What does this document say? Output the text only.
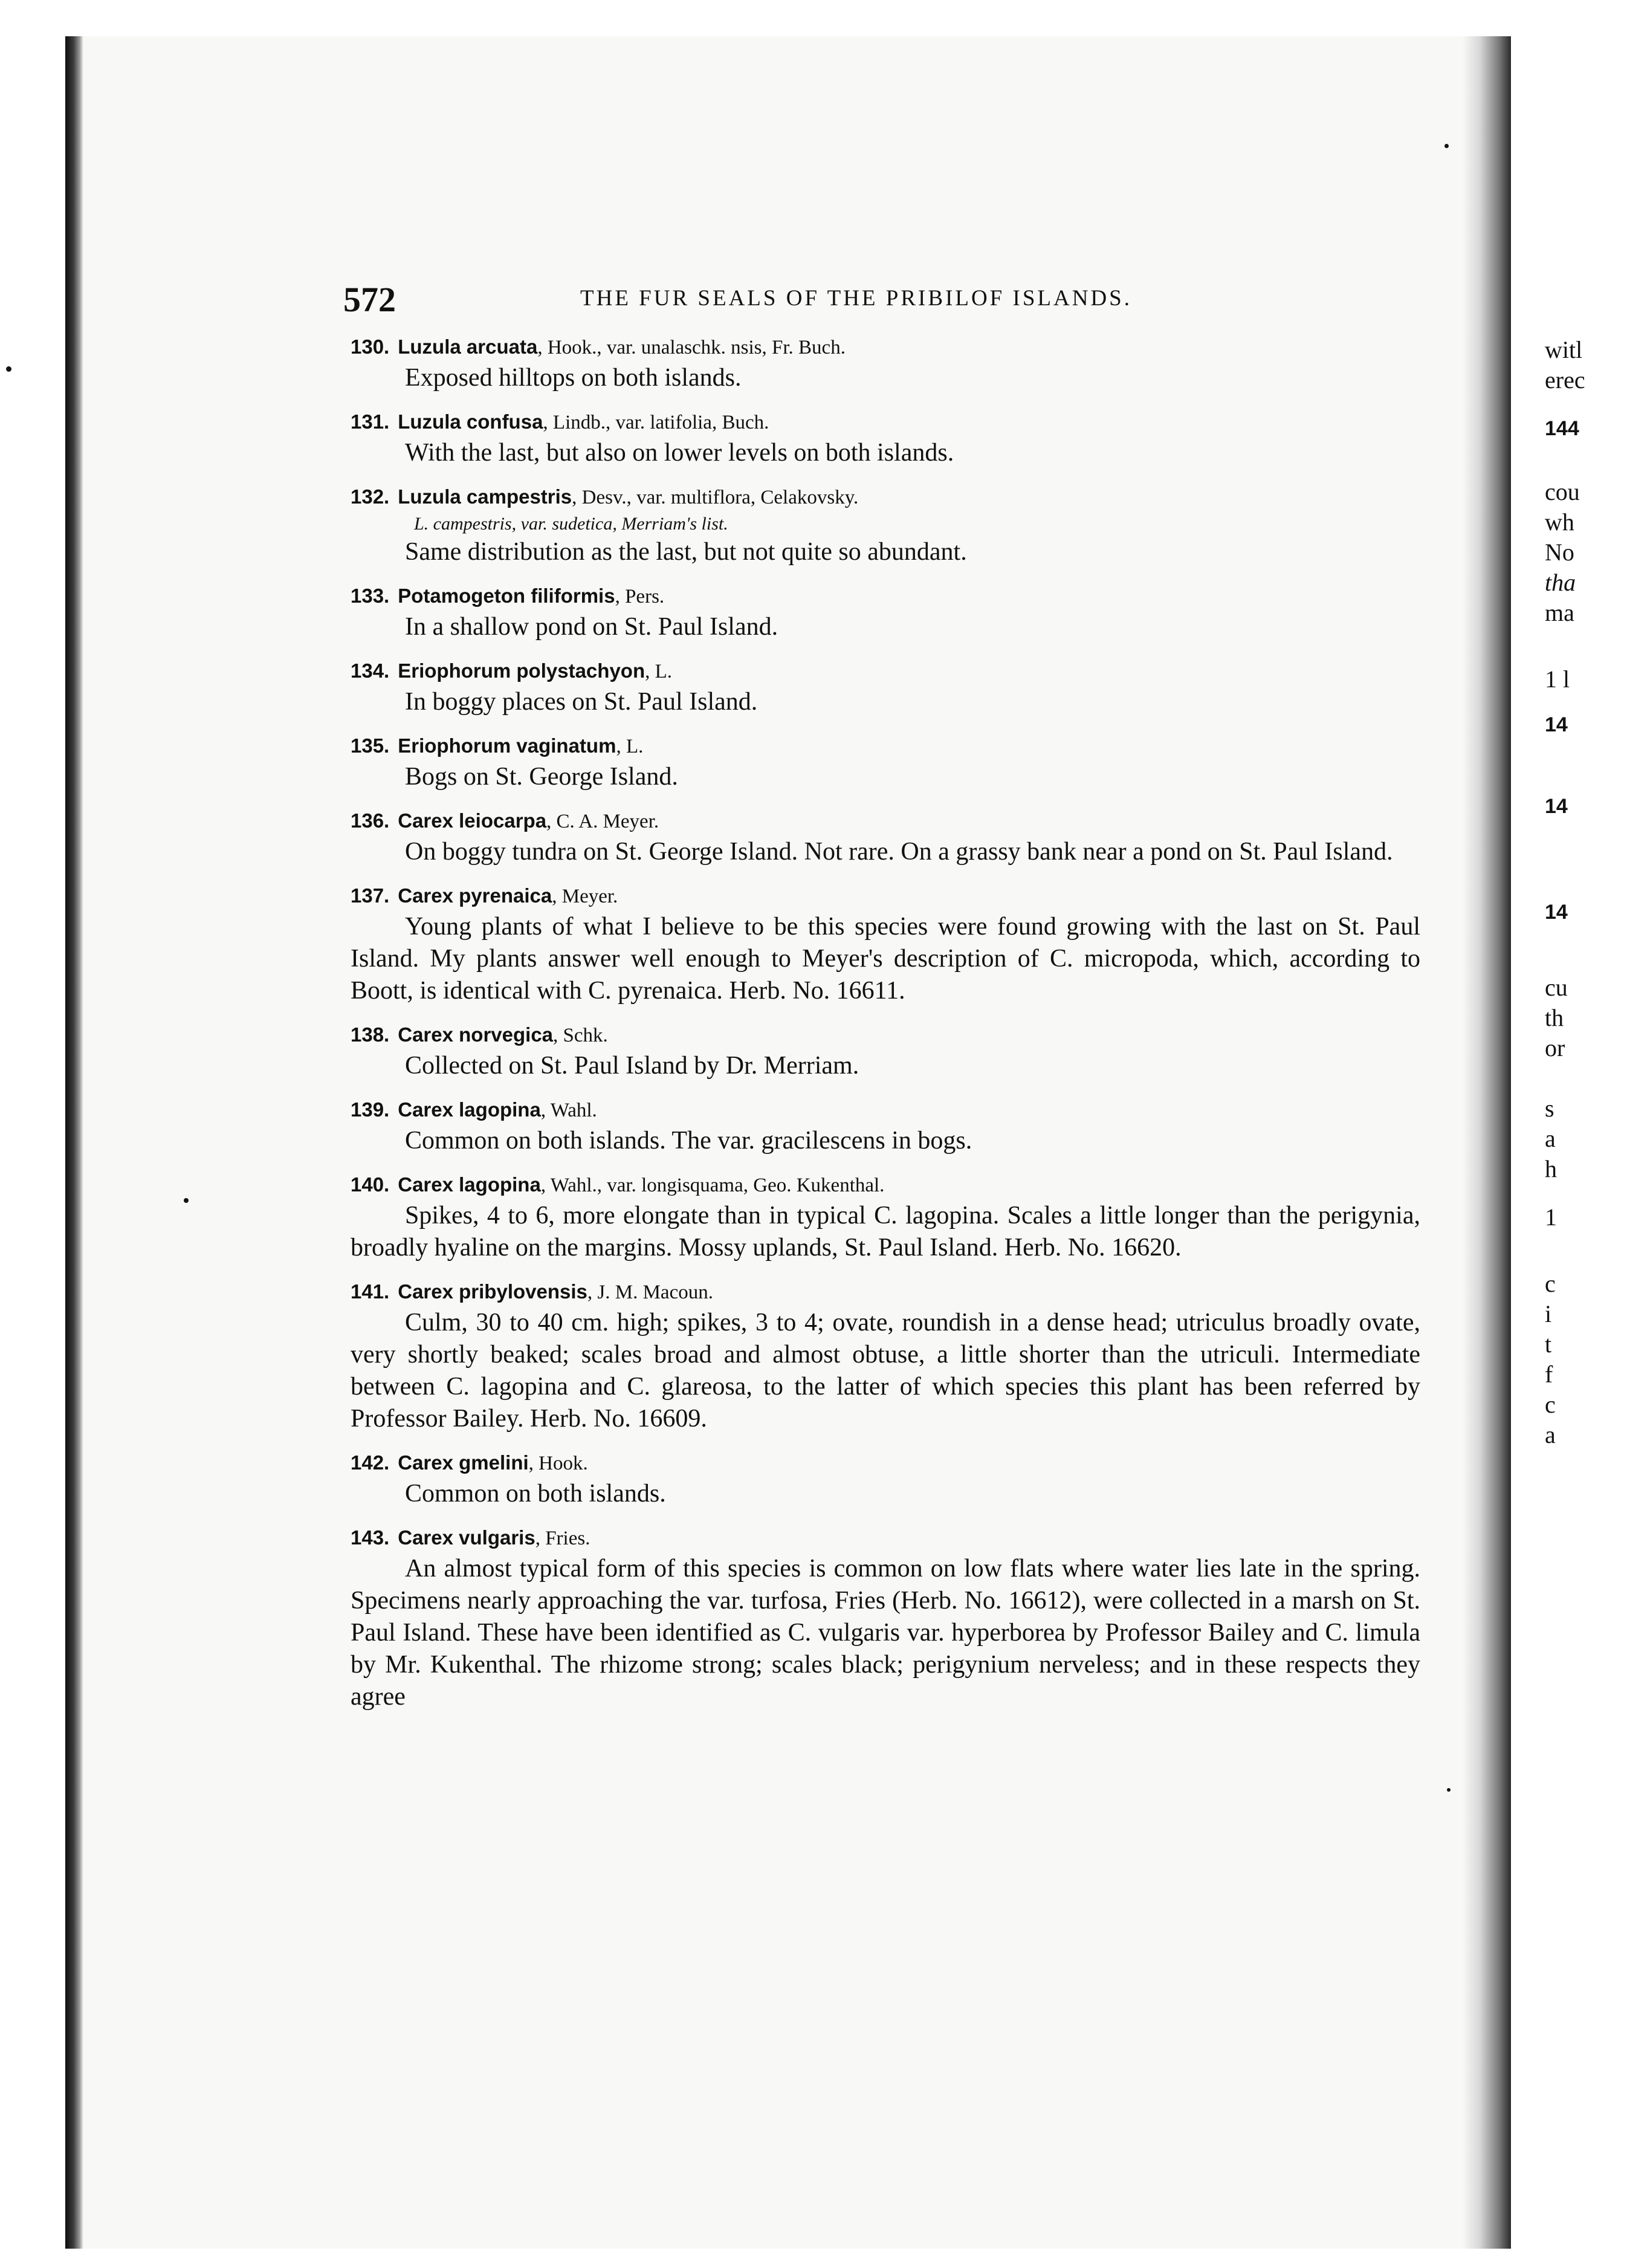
572	THE FUR SEALS OF THE PRIBILOF ISLANDS.
130. Luzula arcuata, Hook., var. unalaschk. nsis, Fr. Buch.
Exposed hilltops on both islands.
131. Luzula confusa, Lindb., var. latifolia, Buch.
With the last, but also on lower levels on both islands.
132. Luzula campestris, Desv., var. multiflora, Celakovsky.
L. campestris, var. sudetica, Merriam's list.
Same distribution as the last, but not quite so abundant.
133. Potamogeton filiformis, Pers.
In a shallow pond on St. Paul Island.
134. Eriophorum polystachyon, L.
In boggy places on St. Paul Island.
135. Eriophorum vaginatum, L.
Bogs on St. George Island.
136. Carex leiocarpa, C. A. Meyer.
On boggy tundra on St. George Island. Not rare. On a grassy bank near a pond on St. Paul Island.
137. Carex pyrenaica, Meyer.
Young plants of what I believe to be this species were found growing with the last on St. Paul Island. My plants answer well enough to Meyer's description of C. micropoda, which, according to Boott, is identical with C. pyrenaica. Herb. No. 16611.
138. Carex norvegica, Schk.
Collected on St. Paul Island by Dr. Merriam.
139. Carex lagopina, Wahl.
Common on both islands. The var. gracilescens in bogs.
140. Carex lagopina, Wahl., var. longisquama, Geo. Kukenthal.
Spikes, 4 to 6, more elongate than in typical C. lagopina. Scales a little longer than the perigynia, broadly hyaline on the margins. Mossy uplands, St. Paul Island. Herb. No. 16620.
141. Carex pribylovensis, J. M. Macoun.
Culm, 30 to 40 cm. high; spikes, 3 to 4; ovate, roundish in a dense head; utriculus broadly ovate, very shortly beaked; scales broad and almost obtuse, a little shorter than the utriculi. Intermediate between C. lagopina and C. glareosa, to the latter of which species this plant has been referred by Professor Bailey. Herb. No. 16609.
142. Carex gmelini, Hook.
Common on both islands.
143. Carex vulgaris, Fries.
An almost typical form of this species is common on low flats where water lies late in the spring. Specimens nearly approaching the var. turfosa, Fries (Herb. No. 16612), were collected in a marsh on St. Paul Island. These have been identified as C. vulgaris var. hyperborea by Professor Bailey and C. limula by Mr. Kukenthal. The rhizome strong; scales black; perigynium nerveless; and in these respects they agree
witl
erec
144
cou
wh
No
tha
ma
1 l
14
14
14
cu
th
or
s
a
h
1
c
i
t
f
c
a
